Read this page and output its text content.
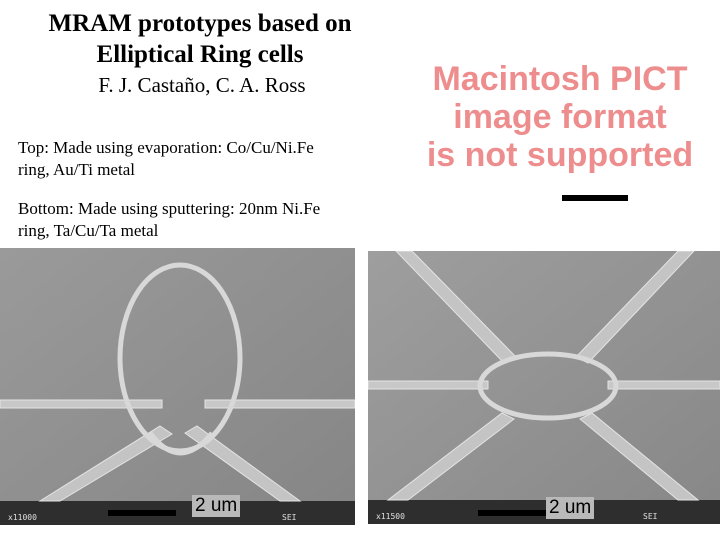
MRAM prototypes based on
Elliptical Ring cells
F. J. Castaño, C. A. Ross
Top: Made using evaporation: Co/Cu/Ni.Fe
ring, Au/Ti metal
Bottom: Made using sputtering: 20nm Ni.Fe
ring, Ta/Cu/Ta metal
Macintosh PICT
image format
is not supported
x11000	SEI
2 um
x11500	SEI
2 um
